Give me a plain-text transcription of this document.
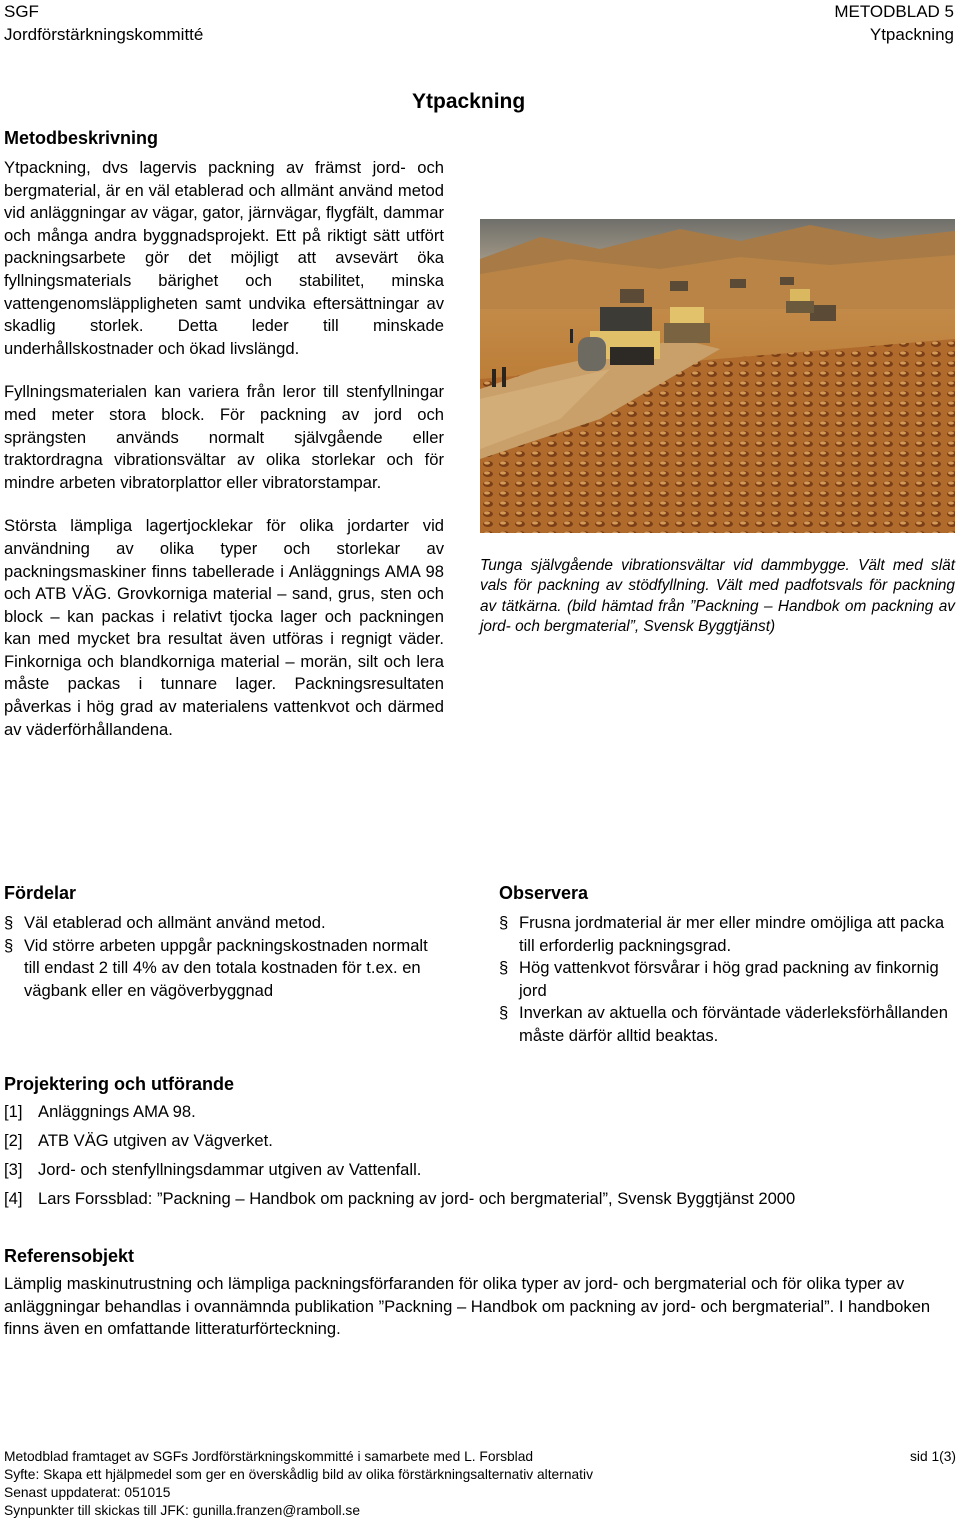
SGF
Jordförstärkningskommitté
METODBLAD 5
Ytpackning
Ytpackning
Metodbeskrivning

Ytpackning, dvs lagervis packning av främst jord- och bergmaterial, är en väl etablerad och allmänt använd metod vid anläggningar av vägar, gator, järnvägar, flygfält, dammar och många andra byggnadsprojekt. Ett på riktigt sätt utfört packningsarbete gör det möjligt att avsevärt öka fyllningsmaterials bärighet och stabilitet, minska vattengenomsläppligheten samt undvika eftersättningar av skadlig storlek. Detta leder till minskade underhållskostnader och ökad livslängd.

Fyllningsmaterialen kan variera från leror till stenfyllningar med meter stora block. För packning av jord och sprängsten används normalt självgående eller traktordragna vibrationsvältar av olika storlekar och för mindre arbeten vibratorplattor eller vibratorstampar.

Största lämpliga lagertjocklekar för olika jordarter vid användning av olika typer och storlekar av packningsmaskiner finns tabellerade i Anläggnings AMA 98 och ATB VÄG. Grovkorniga material – sand, grus, sten och block – kan packas i relativt tjocka lager och packningen kan med mycket bra resultat även utföras i regnigt väder. Finkorniga och blandkorniga material – morän, silt och lera måste packas i tunnare lager. Packningsresultaten påverkas i hög grad av materialens vattenkvot och därmed av väderförhållandena.

Tunga självgående vibrationsvältar vid dammbygge. Vält med slät vals för packning av stödfyllning. Vält med padfotsvals för packning av tätkärna. (bild hämtad från ”Packning – Handbok om packning av jord- och bergmaterial”, Svensk Byggtjänst)
Fördelar
§ Väl etablerad och allmänt använd metod.
§ Vid större arbeten uppgår packningskostnaden normalt till endast 2 till 4% av den totala kostnaden för t.ex. en vägbank eller en vägöverbyggnad
Observera
§ Frusna jordmaterial är mer eller mindre omöjliga att packa till erforderlig packningsgrad.
§ Hög vattenkvot försvårar i hög grad packning av finkornig jord
§ Inverkan av aktuella och förväntade väderleksförhållanden måste därför alltid beaktas.
Projektering och utförande
[1] Anläggnings AMA 98.
[2] ATB VÄG utgiven av Vägverket.
[3] Jord- och stenfyllningsdammar utgiven av Vattenfall.
[4] Lars Forssblad: ”Packning – Handbok om packning av jord- och bergmaterial”, Svensk Byggtjänst 2000
Referensobjekt
Lämplig maskinutrustning och lämpliga packningsförfaranden för olika typer av jord- och bergmaterial och för olika typer av anläggningar behandlas i ovannämnda publikation ”Packning – Handbok om packning av jord- och bergmaterial”. I handboken finns även en omfattande litteraturförteckning.
Metodblad framtaget av SGFs Jordförstärkningskommitté i samarbete med L. Forsblad	sid 1(3)
Syfte: Skapa ett hjälpmedel som ger en överskådlig bild av olika förstärkningsalternativ alternativ
Senast uppdaterat: 051015
Synpunkter till skickas till JFK: gunilla.franzen@ramboll.se
